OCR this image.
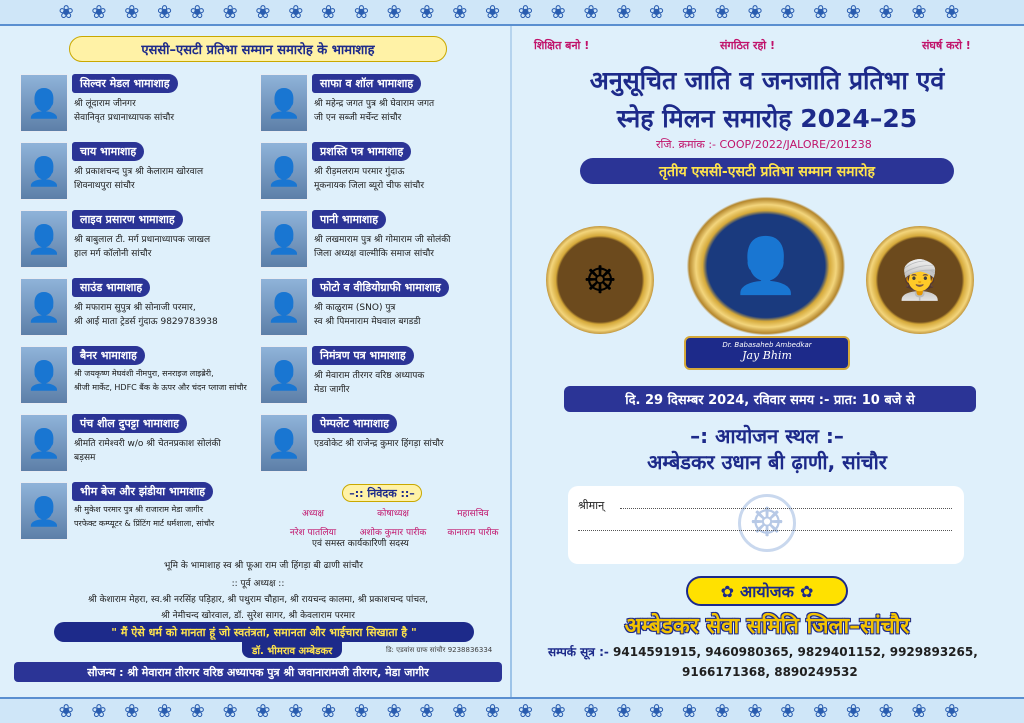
❀ ❀ ❀ ❀ ❀ ❀ ❀ ❀ ❀ ❀ ❀ ❀ ❀ ❀ ❀ ❀ ❀ ❀ ❀ ❀ ❀ ❀ ❀ ❀ ❀ ❀ ❀ ❀
एससी–एसटी प्रतिभा सम्मान समारोह के भामाशाह
👤
सिल्वर मेडल भामाशाह
श्री लूंदाराम जीनगर
सेवानिवृत प्रधानाध्यापक सांचौर
👤
चाय भामाशाह
श्री प्रकाशचन्द पुत्र श्री केलाराम खोरवाल
शिवनाथपुरा सांचौर
👤
लाइव प्रसारण भामाशाह
श्री बाबुलाल टी. मर्ग प्रधानाध्यापक जाखल
हाल मर्ग कॉलोनी सांचौर
👤
साउंड भामाशाह
श्री मफाराम सुपुत्र श्री सोनाजी परमार,
श्री आई माता ट्रेडर्स गुंदाऊ 9829783938
👤
बैनर भामाशाह
श्री जयकृष्ण मेघवंशी नीमपुरा, सनराइज लाइब्रेरी,
श्रीजी मार्केट, HDFC बैंक के ऊपर और चंदन प्लाजा सांचौर
👤
पंच शील दुपट्टा भामाशाह
श्रीमति रामेश्वरी w/o श्री चेतनप्रकाश सोलंकी
बड़सम
👤
भीम बेज और झंडीया भामाशाह
श्री मुकेश परमार पुत्र श्री राजाराम मेडा जागीर
परफेक्ट कम्प्यूटर & प्रिंटिंग मार्ट धर्मशाला, सांचौर
👤
साफा व शॉल भामाशाह
श्री महेन्द्र जगत पुत्र श्री घेवाराम जगत
जी एन सब्जी मर्चेन्ट सांचौर
👤
प्रशस्ति पत्र भामाशाह
श्री रीड़मलराम परमार गुंदाऊ
मूकनायक जिला ब्यूरो चीफ सांचौर
👤
पानी भामाशाह
श्री लखमाराम पुत्र श्री गोमाराम जी सोलंकी
जिला अध्यक्ष वाल्मीकि समाज सांचौर
👤
फोटो व वीडियोग्राफी भामाशाह
श्री काळुराम (SNO) पुत्र
स्व श्री पिमनाराम मेघवाल बगडडी
👤
निमंत्रण पत्र भामाशाह
श्री मेवाराम तीरगर वरिष्ठ अध्यापक
मेडा जागीर
👤
पेम्पलेट भामाशाह
एडवोकेट श्री राजेन्द्र कुमार हिंगड़ा सांचौर
–:: निवेदक ::–
अध्यक्ष
नरेश पातलिया
कोषाध्यक्ष
अशोक कुमार पारीक
महासचिव
कानाराम पारीक
एवं समस्त कार्यकारिणी सदस्य
भूमि के भामाशाह स्व श्री फूआ राम जी हिंगड़ा बी ढाणी सांचौर
:: पूर्व अध्यक्ष ::
श्री केशाराम मेहरा, स्व.श्री नरसिंह पड़िहार, श्री पथुराम चौहान, श्री रायचन्द कालमा, श्री प्रकाशचन्द पांचल,
श्री नेमीचन्द खोरवाल, डॉ. सुरेश सागर, श्री केवलाराम परमार
" मैं ऐसे धर्म को मानता हूं जो स्वतंत्रता, समानता और भाईचारा सिखाता है "
डॉ. भीमराव अम्बेडकर	डि: एडवांस ग्राफ सांचौर 9238836334
सौजन्य : श्री मेवाराम तीरगर वरिष्ठ अध्यापक पुत्र श्री जवानारामजी तीरगर, मेडा जागीर
शिक्षित बनो !	संगठित रहो !	संघर्ष करो !
अनुसूचित जाति व जनजाति प्रतिभा एवं
स्नेह मिलन समारोह 2024–25
रजि. क्रमांक :- COOP/2022/JALORE/201238
तृतीय एससी-एसटी प्रतिभा सम्मान समारोह
☸ 👤	👳
Dr. Babasaheb Ambedkar
Jay Bhim
दि. 29 दिसम्बर 2024, रविवार समय :- प्रात: 10 बजे से
–: आयोजन स्थल :–
अम्बेडकर उधान बी ढ़ाणी, सांचौर
☸
श्रीमान्
✿ आयोजक ✿
अम्बेडकर सेवा समिति जिला–सांचौर
सम्पर्क सूत्र :- 9414591915, 9460980365, 9829401152, 9929893265,
9166171368, 8890249532
❀ ❀ ❀ ❀ ❀ ❀ ❀ ❀ ❀ ❀ ❀ ❀ ❀ ❀ ❀ ❀ ❀ ❀ ❀ ❀ ❀ ❀ ❀ ❀ ❀ ❀ ❀ ❀
